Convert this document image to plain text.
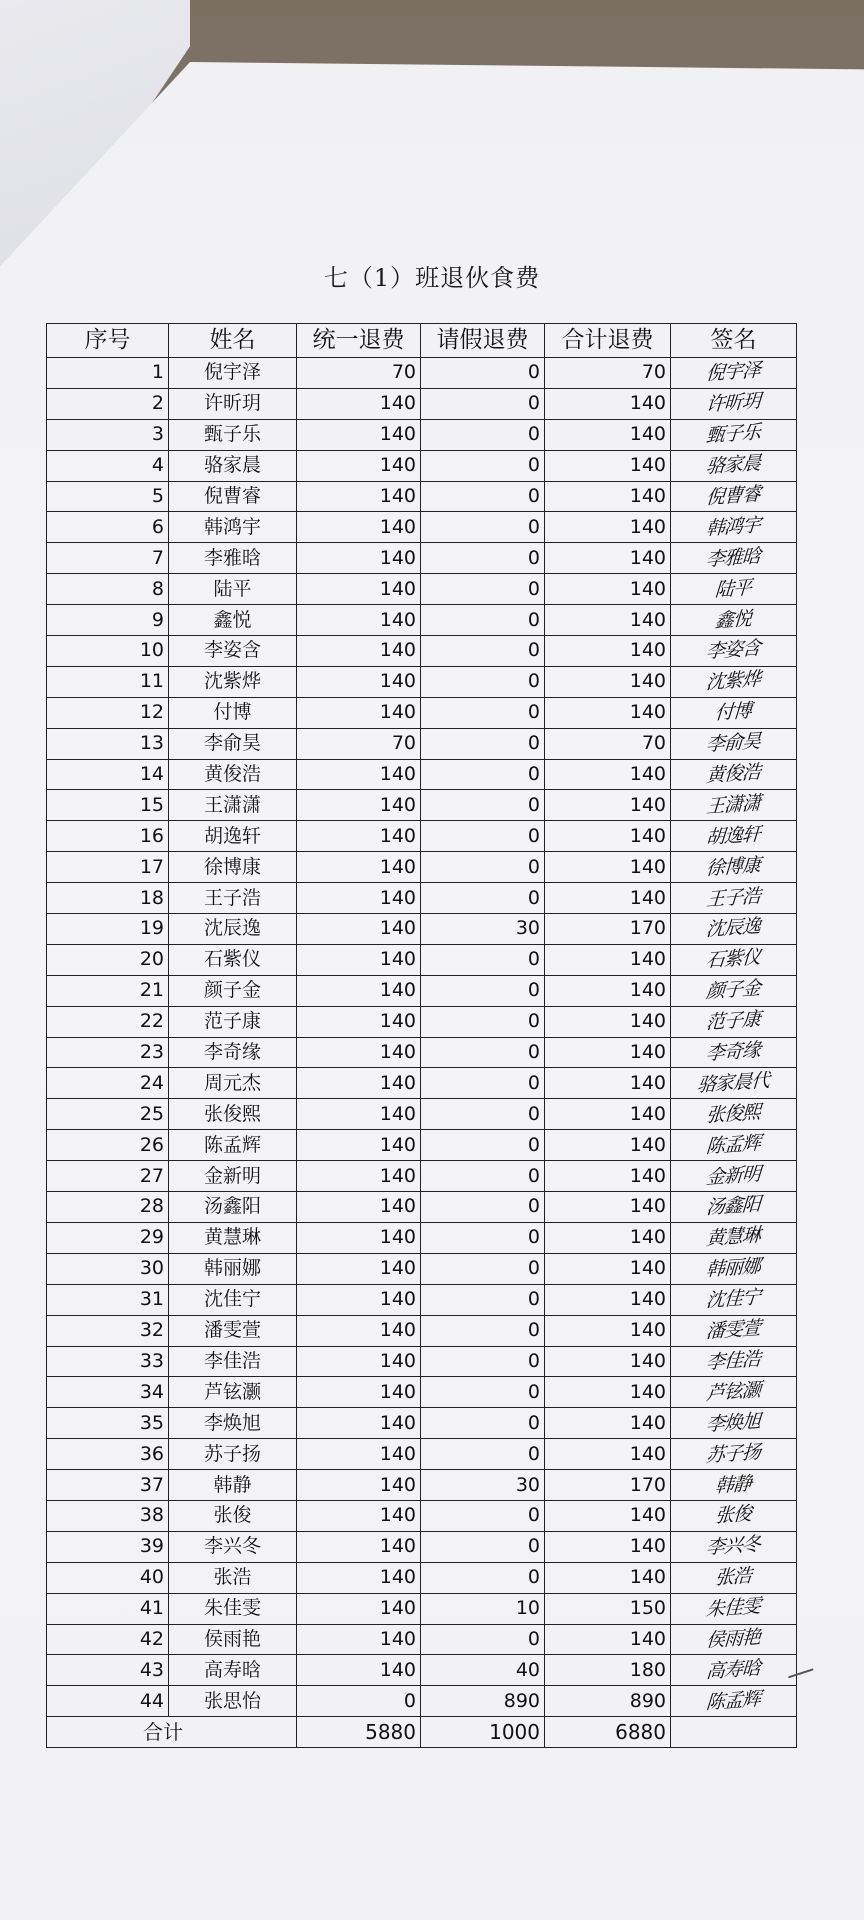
七（1）班退伙食费
序号	姓名	统一退费	请假退费	合计退费	签名
1	倪宇泽	70	0	70	倪宇泽
2	许昕玥	140	0	140	许昕玥
3	甄子乐	140	0	140	甄子乐
4	骆家晨	140	0	140	骆家晨
5	倪曹睿	140	0	140	倪曹睿
6	韩鸿宇	140	0	140	韩鸿宇
7	李雅晗	140	0	140	李雅晗
8	陆平	140	0	140	陆平
9	鑫悦	140	0	140	鑫悦
10	李姿含	140	0	140	李姿含
11	沈紫烨	140	0	140	沈紫烨
12	付博	140	0	140	付博
13	李俞昊	70	0	70	李俞昊
14	黄俊浩	140	0	140	黄俊浩
15	王潇潇	140	0	140	王潇潇
16	胡逸轩	140	0	140	胡逸轩
17	徐博康	140	0	140	徐博康
18	王子浩	140	0	140	王子浩
19	沈辰逸	140	30	170	沈辰逸
20	石紫仪	140	0	140	石紫仪
21	颜子金	140	0	140	颜子金
22	范子康	140	0	140	范子康
23	李奇缘	140	0	140	李奇缘
24	周元杰	140	0	140	骆家晨代
25	张俊熙	140	0	140	张俊熙
26	陈孟辉	140	0	140	陈孟辉
27	金新明	140	0	140	金新明
28	汤鑫阳	140	0	140	汤鑫阳
29	黄慧琳	140	0	140	黄慧琳
30	韩丽娜	140	0	140	韩丽娜
31	沈佳宁	140	0	140	沈佳宁
32	潘雯萱	140	0	140	潘雯萱
33	李佳浩	140	0	140	李佳浩
34	芦铉灏	140	0	140	芦铉灏
35	李焕旭	140	0	140	李焕旭
36	苏子扬	140	0	140	苏子扬
37	韩静	140	30	170	韩静
38	张俊	140	0	140	张俊
39	李兴冬	140	0	140	李兴冬
40	张浩	140	0	140	张浩
41	朱佳雯	140	10	150	朱佳雯
42	侯雨艳	140	0	140	侯雨艳
43	高寿晗	140	40	180	高寿晗
44	张思怡	0	890	890	陈孟辉
合计		5880	1000	6880	
